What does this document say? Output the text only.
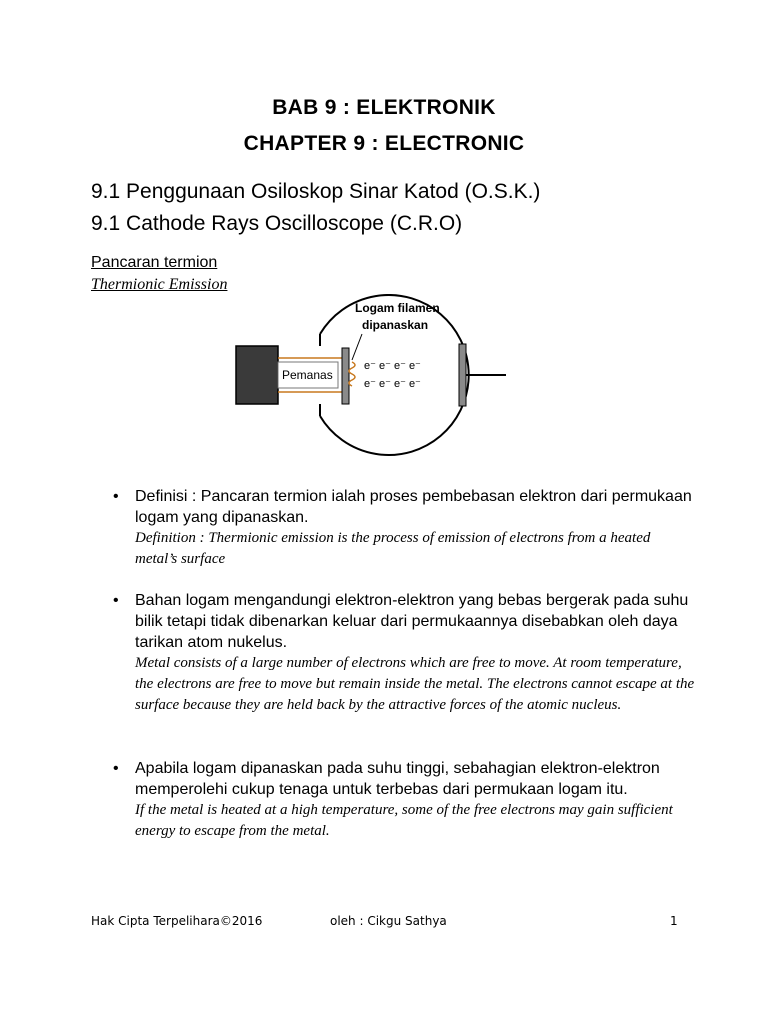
BAB 9 : ELEKTRONIK
CHAPTER 9 : ELECTRONIC
9.1 Penggunaan Osiloskop Sinar Katod (O.S.K.)
9.1 Cathode Rays Oscilloscope (C.R.O)
Pancaran termion
Thermionic Emission
Pemanas
Logam filamen
dipanaskan
e⁻ e⁻ e⁻ e⁻
e⁻ e⁻ e⁻ e⁻
• Definisi : Pancaran termion ialah proses pembebasan elektron dari permukaan logam yang dipanaskan.

Definition : Thermionic emission is the process of emission of electrons from a heated metal’s surface

• Bahan logam mengandungi elektron-elektron yang bebas bergerak pada suhu bilik tetapi tidak dibenarkan keluar dari permukaannya disebabkan oleh daya tarikan atom nukelus.

Metal consists of a large number of electrons which are free to move. At room temperature, the electrons are free to move but remain inside the metal. The electrons cannot escape at the surface because they are held back by the attractive forces of the atomic nucleus.

• Apabila logam dipanaskan pada suhu tinggi, sebahagian elektron-elektron memperolehi cukup tenaga untuk terbebas dari permukaan logam itu.

If the metal is heated at a high temperature, some of the free electrons may gain sufficient energy to escape from the metal.

Hak Cipta Terpelihara©2016	oleh : Cikgu Sathya	1
